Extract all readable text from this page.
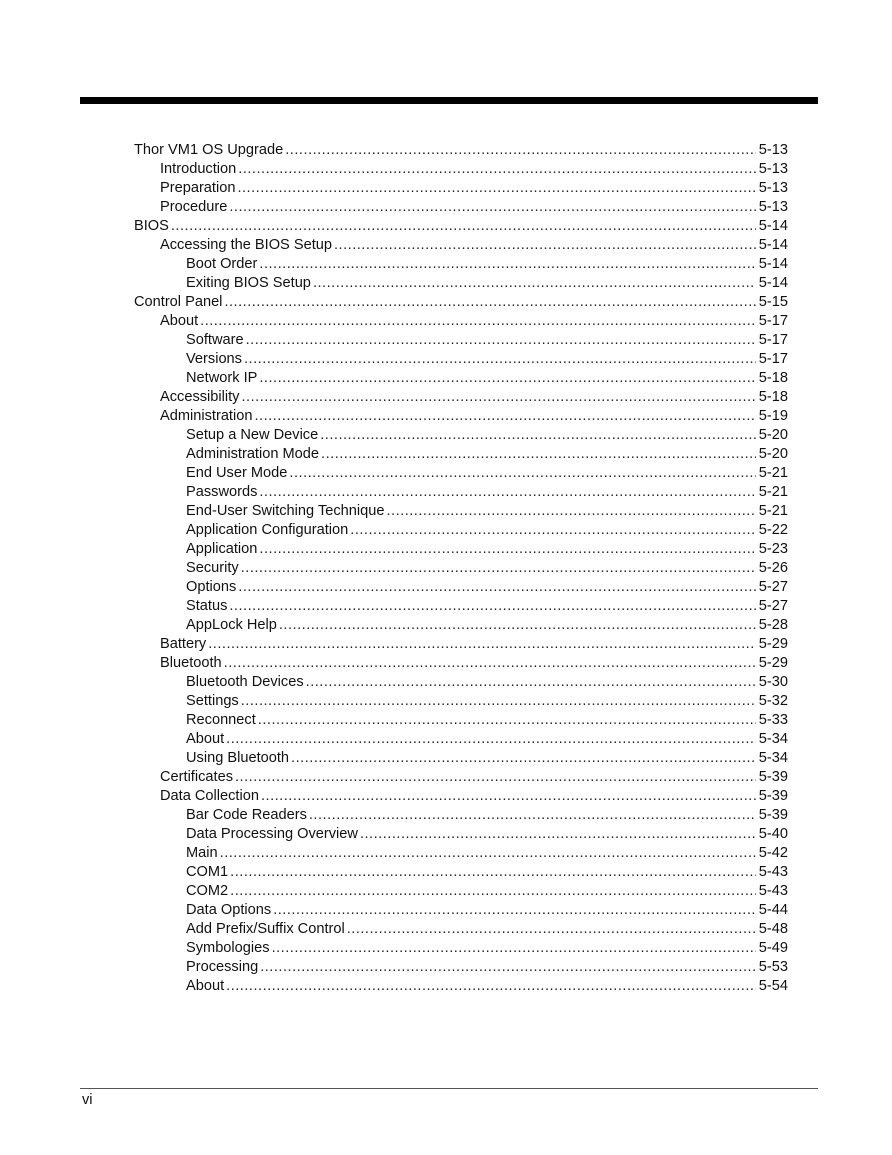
Thor VM1 OS Upgrade .....	5-13
Introduction .....	5-13
Preparation .....	5-13
Procedure .....	5-13
BIOS .....	5-14
Accessing the BIOS Setup .....	5-14
Boot Order .....	5-14
Exiting BIOS Setup .....	5-14
Control Panel .....	5-15
About .....	5-17
Software .....	5-17
Versions .....	5-17
Network IP .....	5-18
Accessibility .....	5-18
Administration .....	5-19
Setup a New Device .....	5-20
Administration Mode .....	5-20
End User Mode .....	5-21
Passwords .....	5-21
End-User Switching Technique .....	5-21
Application Configuration .....	5-22
Application .....	5-23
Security .....	5-26
Options .....	5-27
Status .....	5-27
AppLock Help .....	5-28
Battery .....	5-29
Bluetooth .....	5-29
Bluetooth Devices .....	5-30
Settings .....	5-32
Reconnect .....	5-33
About .....	5-34
Using Bluetooth .....	5-34
Certificates .....	5-39
Data Collection .....	5-39
Bar Code Readers .....	5-39
Data Processing Overview .....	5-40
Main .....	5-42
COM1 .....	5-43
COM2 .....	5-43
Data Options .....	5-44
Add Prefix/Suffix Control .....	5-48
Symbologies .....	5-49
Processing .....	5-53
About .....	5-54
vi
